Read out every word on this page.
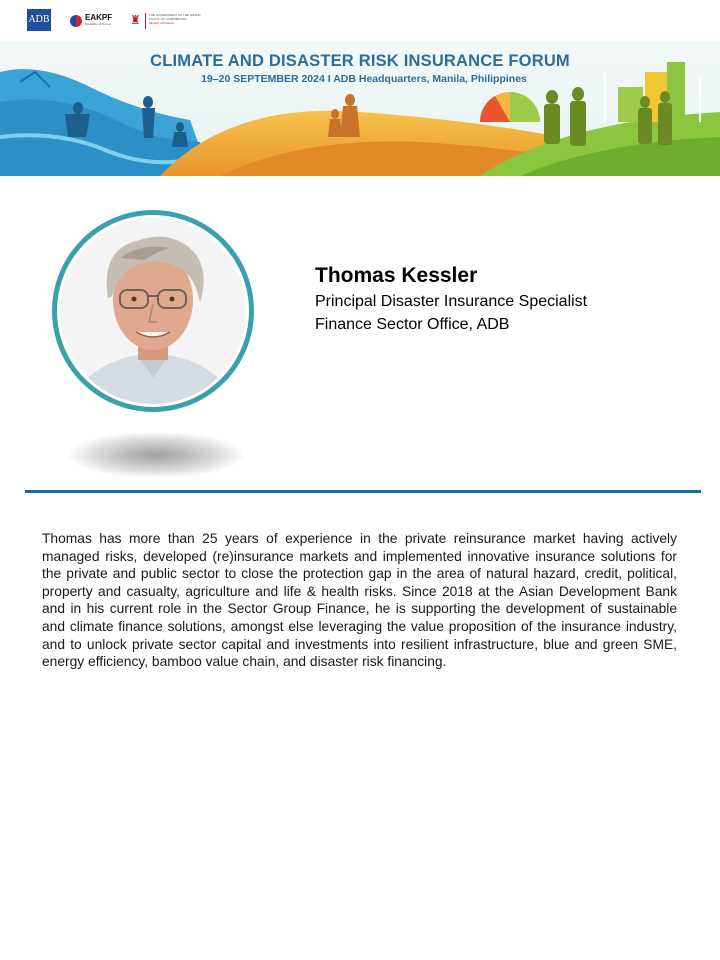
ADB	EAKPF
Republic of Korea ♜	THE GOVERNMENT OF THE GRAND DUCHY OF LUXEMBOURG
Ministry of Finance
CLIMATE AND DISASTER RISK INSURANCE FORUM
19–20 SEPTEMBER 2024 I ADB Headquarters, Manila, Philippines
Thomas Kessler
Principal Disaster Insurance Specialist
Finance Sector Office, ADB

Thomas has more than 25 years of experience in the private reinsurance market having actively managed risks, developed (re)insurance markets and implemented innovative insurance solutions for the private and public sector to close the protection gap in the area of natural hazard, credit, political, property and casualty, agriculture and life & health risks. Since 2018 at the Asian Development Bank and in his current role in the Sector Group Finance, he is supporting the development of sustainable and climate finance solutions, amongst else leveraging the value proposition of the insurance industry, and to unlock private sector capital and investments into resilient infrastructure, blue and green SME, energy efficiency, bamboo value chain, and disaster risk financing.
